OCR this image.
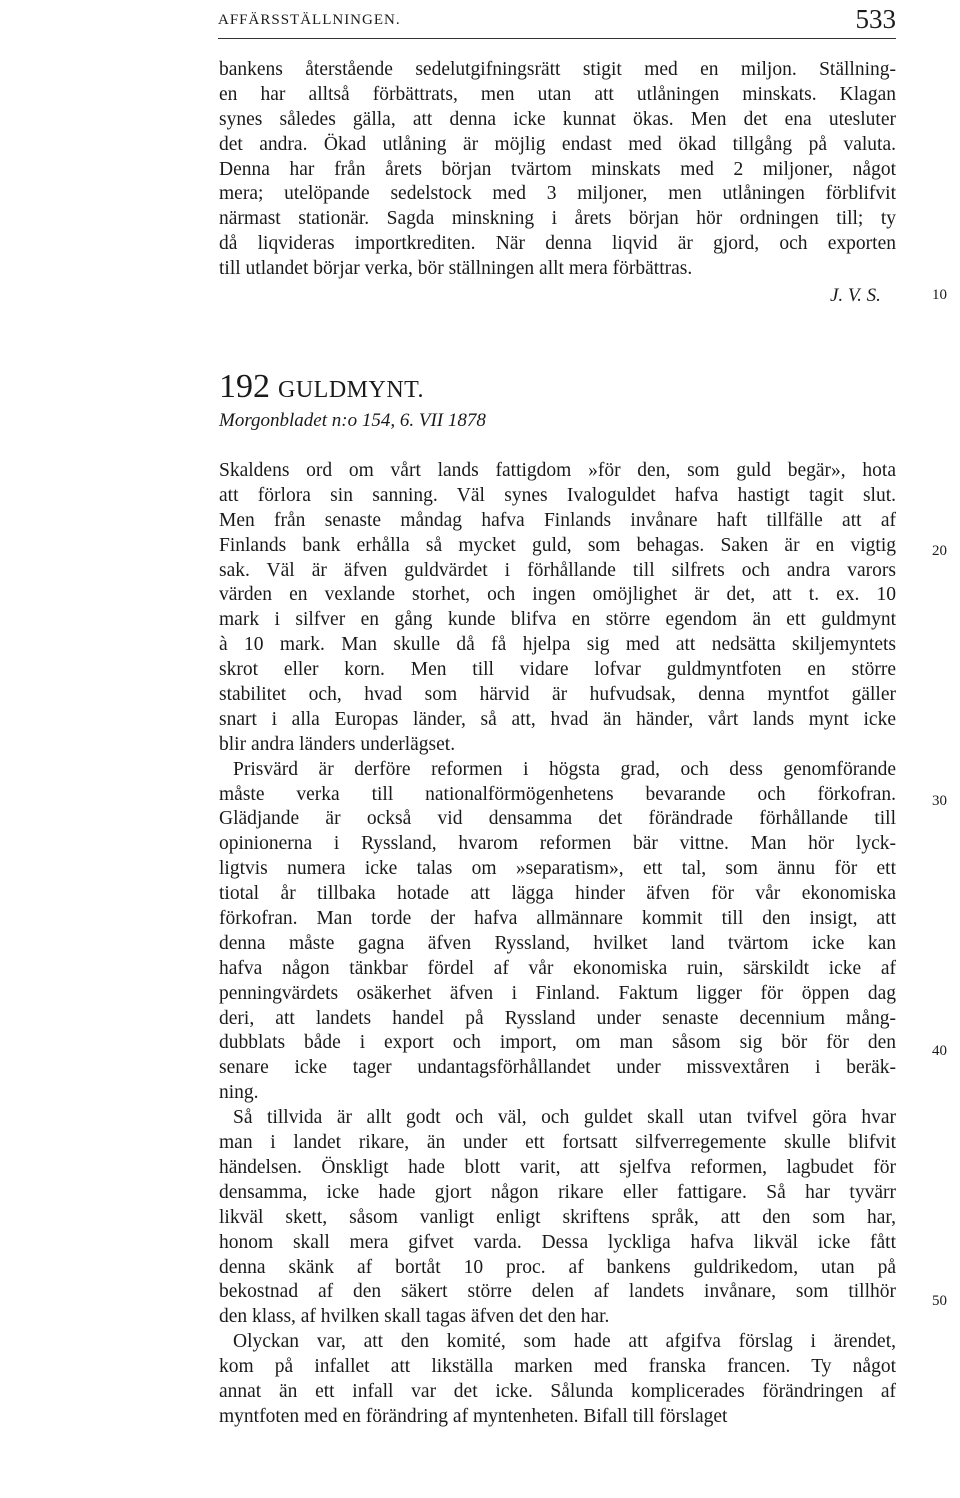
AFFÄRSSTÄLLNINGEN.	533
bankens återstående sedelutgifningsrätt stigit med en miljon. Ställning-
en har alltså förbättrats, men utan att utlåningen minskats. Klagan
synes således gälla, att denna icke kunnat ökas. Men det ena utesluter
det andra. Ökad utlåning är möjlig endast med ökad tillgång på valuta.
Denna har från årets början tvärtom minskats med 2 miljoner, något
mera; utelöpande sedelstock med 3 miljoner, men utlåningen förblifvit
närmast stationär. Sagda minskning i årets början hör ordningen till; ty
då liqvideras importkrediten. När denna liqvid är gjord, och exporten
till utlandet börjar verka, bör ställningen allt mera förbättras.
J. V. S.	10
192 GULDMYNT.
Morgonbladet n:o 154, 6. VII 1878
Skaldens ord om vårt lands fattigdom »för den, som guld begär», hota
att förlora sin sanning. Väl synes Ivaloguldet hafva hastigt tagit slut.
Men från senaste måndag hafva Finlands invånare haft tillfälle att af
Finlands bank erhålla så mycket guld, som behagas. Saken är en vigtig
sak. Väl är äfven guldvärdet i förhållande till silfrets och andra varors
värden en vexlande storhet, och ingen omöjlighet är det, att t. ex. 10
mark i silfver en gång kunde blifva en större egendom än ett guldmynt
à 10 mark. Man skulle då få hjelpa sig med att nedsätta skiljemyntets
skrot eller korn. Men till vidare lofvar guldmyntfoten en större
stabilitet och, hvad som härvid är hufvudsak, denna myntfot gäller
snart i alla Europas länder, så att, hvad än händer, vårt lands mynt icke
blir andra länders underlägset.
Prisvärd är derföre reformen i högsta grad, och dess genomförande
måste verka till nationalförmögenhetens bevarande och förkofran.
Glädjande är också vid densamma det förändrade förhållande till
opinionerna i Ryssland, hvarom reformen bär vittne. Man hör lyck-
ligtvis numera icke talas om »separatism», ett tal, som ännu för ett
tiotal år tillbaka hotade att lägga hinder äfven för vår ekonomiska
förkofran. Man torde der hafva allmännare kommit till den insigt, att
denna måste gagna äfven Ryssland, hvilket land tvärtom icke kan
hafva någon tänkbar fördel af vår ekonomiska ruin, särskildt icke af
penningvärdets osäkerhet äfven i Finland. Faktum ligger för öppen dag
deri, att landets handel på Ryssland under senaste decennium mång-
dubblats både i export och import, om man såsom sig bör för den
senare icke tager undantagsförhållandet under missvextåren i beräk-
ning.
Så tillvida är allt godt och väl, och guldet skall utan tvifvel göra hvar
man i landet rikare, än under ett fortsatt silfverregemente skulle blifvit
händelsen. Önskligt hade blott varit, att sjelfva reformen, lagbudet för
densamma, icke hade gjort någon rikare eller fattigare. Så har tyvärr
likväl skett, såsom vanligt enligt skriftens språk, att den som har,
honom skall mera gifvet varda. Dessa lyckliga hafva likväl icke fått
denna skänk af bortåt 10 proc. af bankens guldrikedom, utan på
bekostnad af den säkert större delen af landets invånare, som tillhör
den klass, af hvilken skall tagas äfven det den har.
Olyckan var, att den komité, som hade att afgifva förslag i ärendet,
kom på infallet att likställa marken med franska francen. Ty något
annat än ett infall var det icke. Sålunda komplicerades förändringen af
myntfoten med en förändring af myntenheten. Bifall till förslaget
20
30
40
50
